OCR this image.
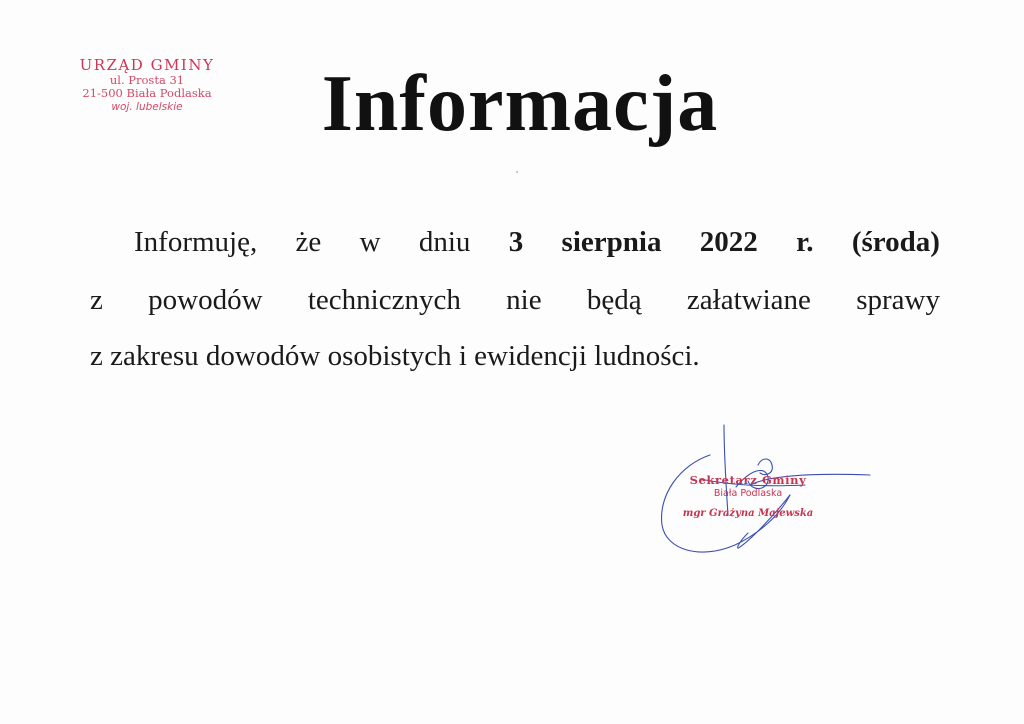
URZĄD GMINY
ul. Prosta 31
21-500 Biała Podlaska
woj. lubelskie	Informacja
Informuję, że w dniu 3 sierpnia 2022 r. (środa)
z powodów technicznych nie będą załatwiane sprawy
z zakresu dowodów osobistych i ewidencji ludności.
Sekretarz Gminy
Biała Podlaska
mgr Grażyna Majewska
